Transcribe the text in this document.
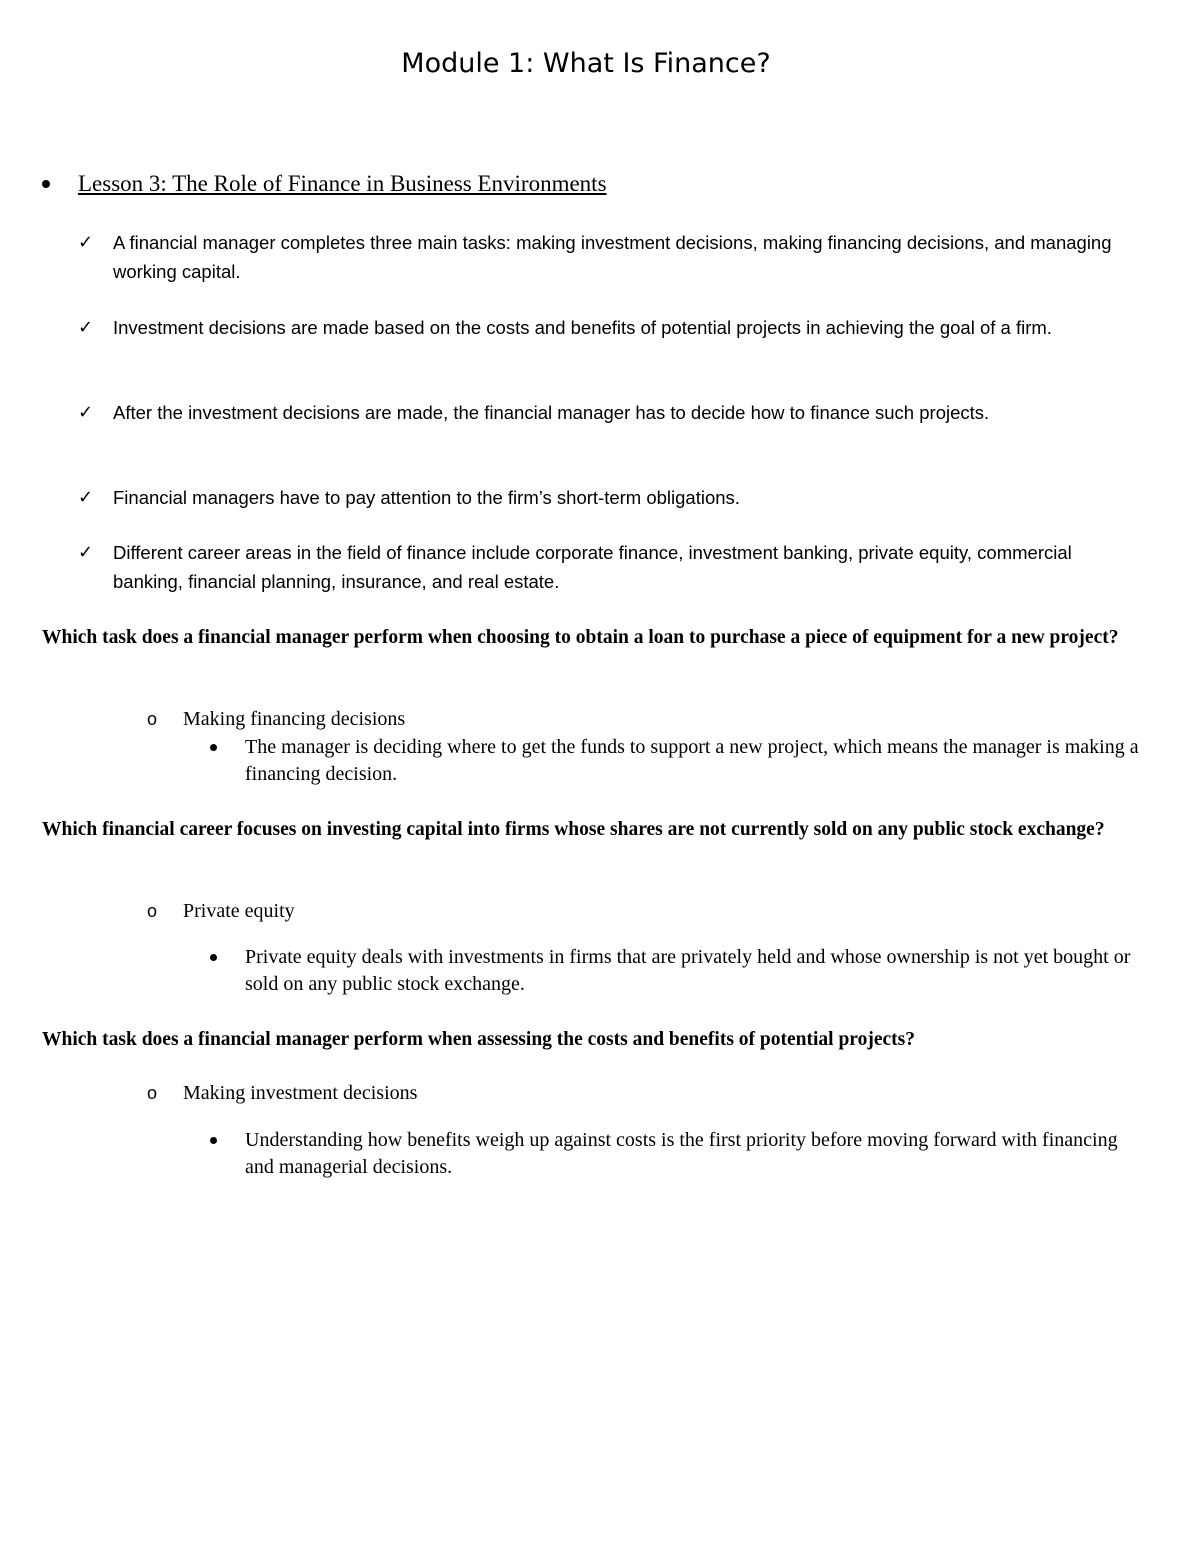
Module 1: What Is Finance?
Lesson 3: The Role of Finance in Business Environments
✓ A financial manager completes three main tasks: making investment decisions, making financing decisions, and managing working capital.
✓ Investment decisions are made based on the costs and benefits of potential projects in achieving the goal of a firm.
✓ After the investment decisions are made, the financial manager has to decide how to finance such projects.
✓ Financial managers have to pay attention to the firm’s short-term obligations.
✓ Different career areas in the field of finance include corporate finance, investment banking, private equity, commercial banking, financial planning, insurance, and real estate.
Which task does a financial manager perform when choosing to obtain a loan to purchase a piece of equipment for a new project?
o Making financing decisions
The manager is deciding where to get the funds to support a new project, which means the manager is making a financing decision.
Which financial career focuses on investing capital into firms whose shares are not currently sold on any public stock exchange?
o Private equity
Private equity deals with investments in firms that are privately held and whose ownership is not yet bought or sold on any public stock exchange.
Which task does a financial manager perform when assessing the costs and benefits of potential projects?
o Making investment decisions
Understanding how benefits weigh up against costs is the first priority before moving forward with financing and managerial decisions.
